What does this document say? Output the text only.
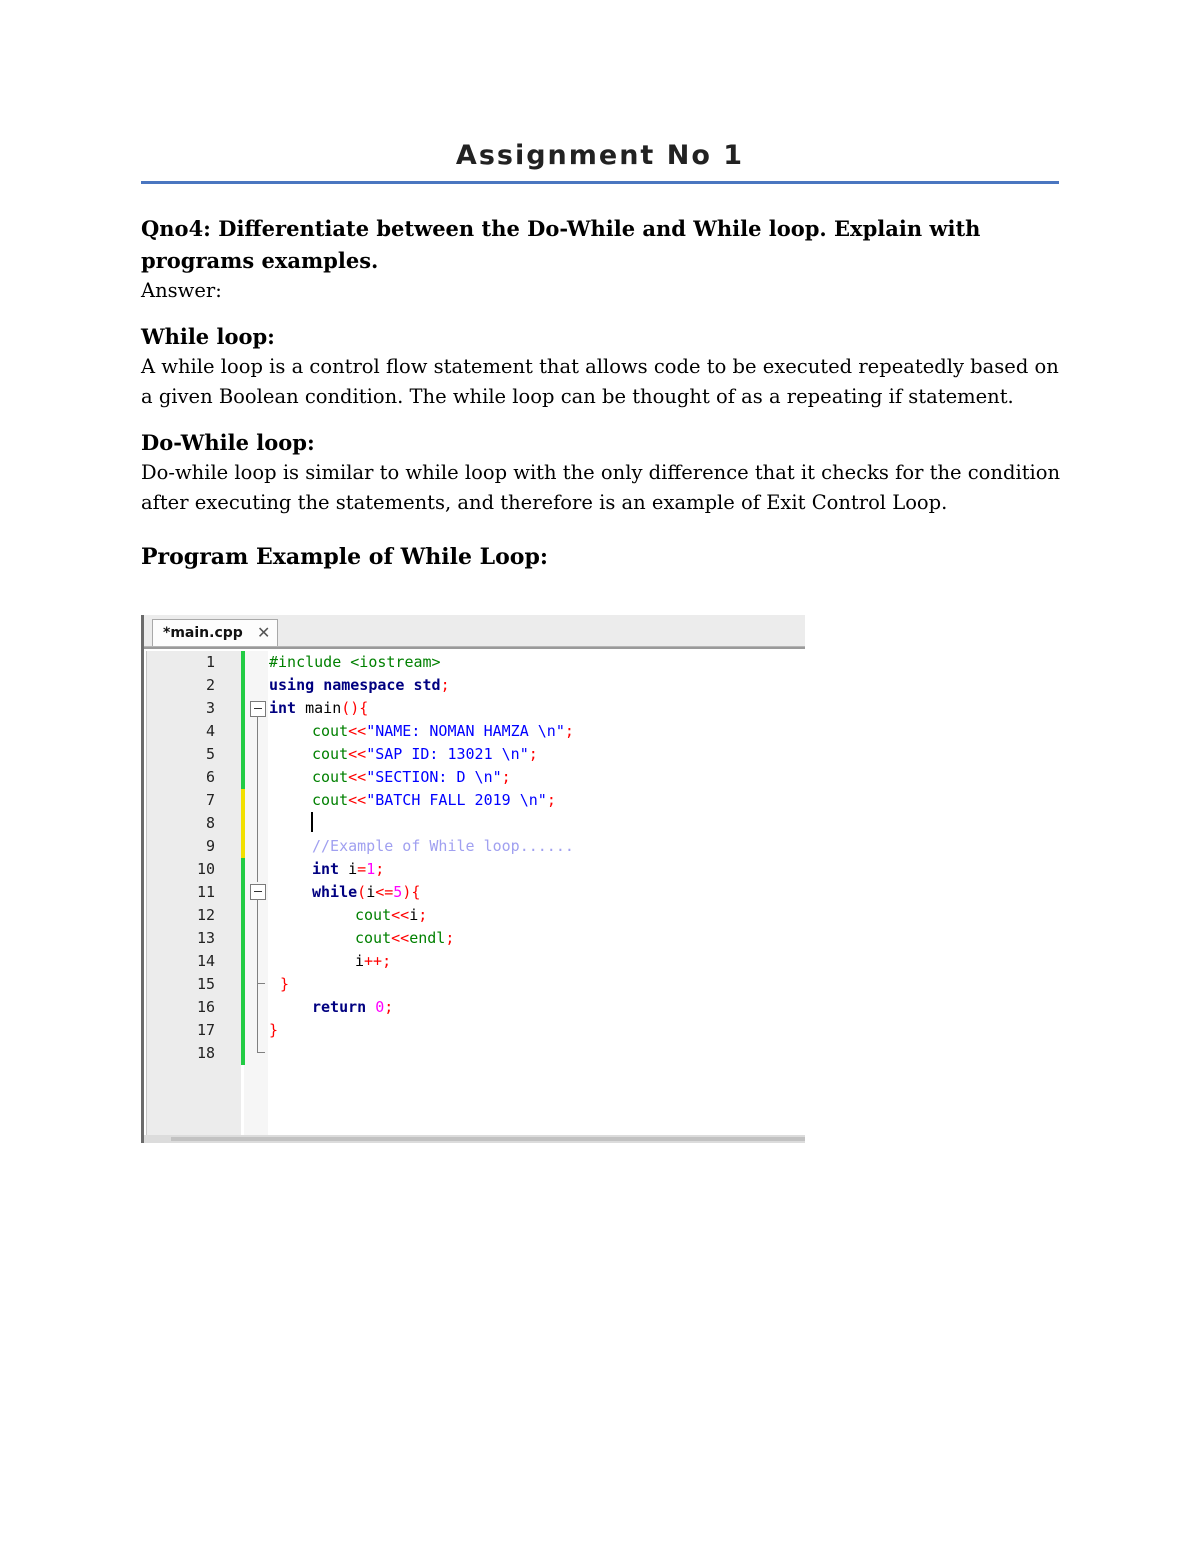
Assignment No 1
Qno4: Differentiate between the Do-While and While loop. Explain with programs examples.
Answer:
While loop:
A while loop is a control flow statement that allows code to be executed repeatedly based on a given Boolean condition. The while loop can be thought of as a repeating if statement.
Do-While loop:
Do-while loop is similar to while loop with the only difference that it checks for the condition after executing the statements, and therefore is an example of Exit Control Loop.
Program Example of While Loop:
*main.cpp ✕
1	#include <iostream>
2	using namespace std;
3	int main(){
4	cout<<"NAME: NOMAN HAMZA \n";
5	cout<<"SAP ID: 13021 \n";
6	cout<<"SECTION: D \n";
7	cout<<"BATCH FALL 2019 \n";
8
9	//Example of While loop......
10	int i=1;
11	while(i<=5){
12	cout<<i;
13	cout<<endl;
14	i++;
15	}
16	return 0;
17	}
18
